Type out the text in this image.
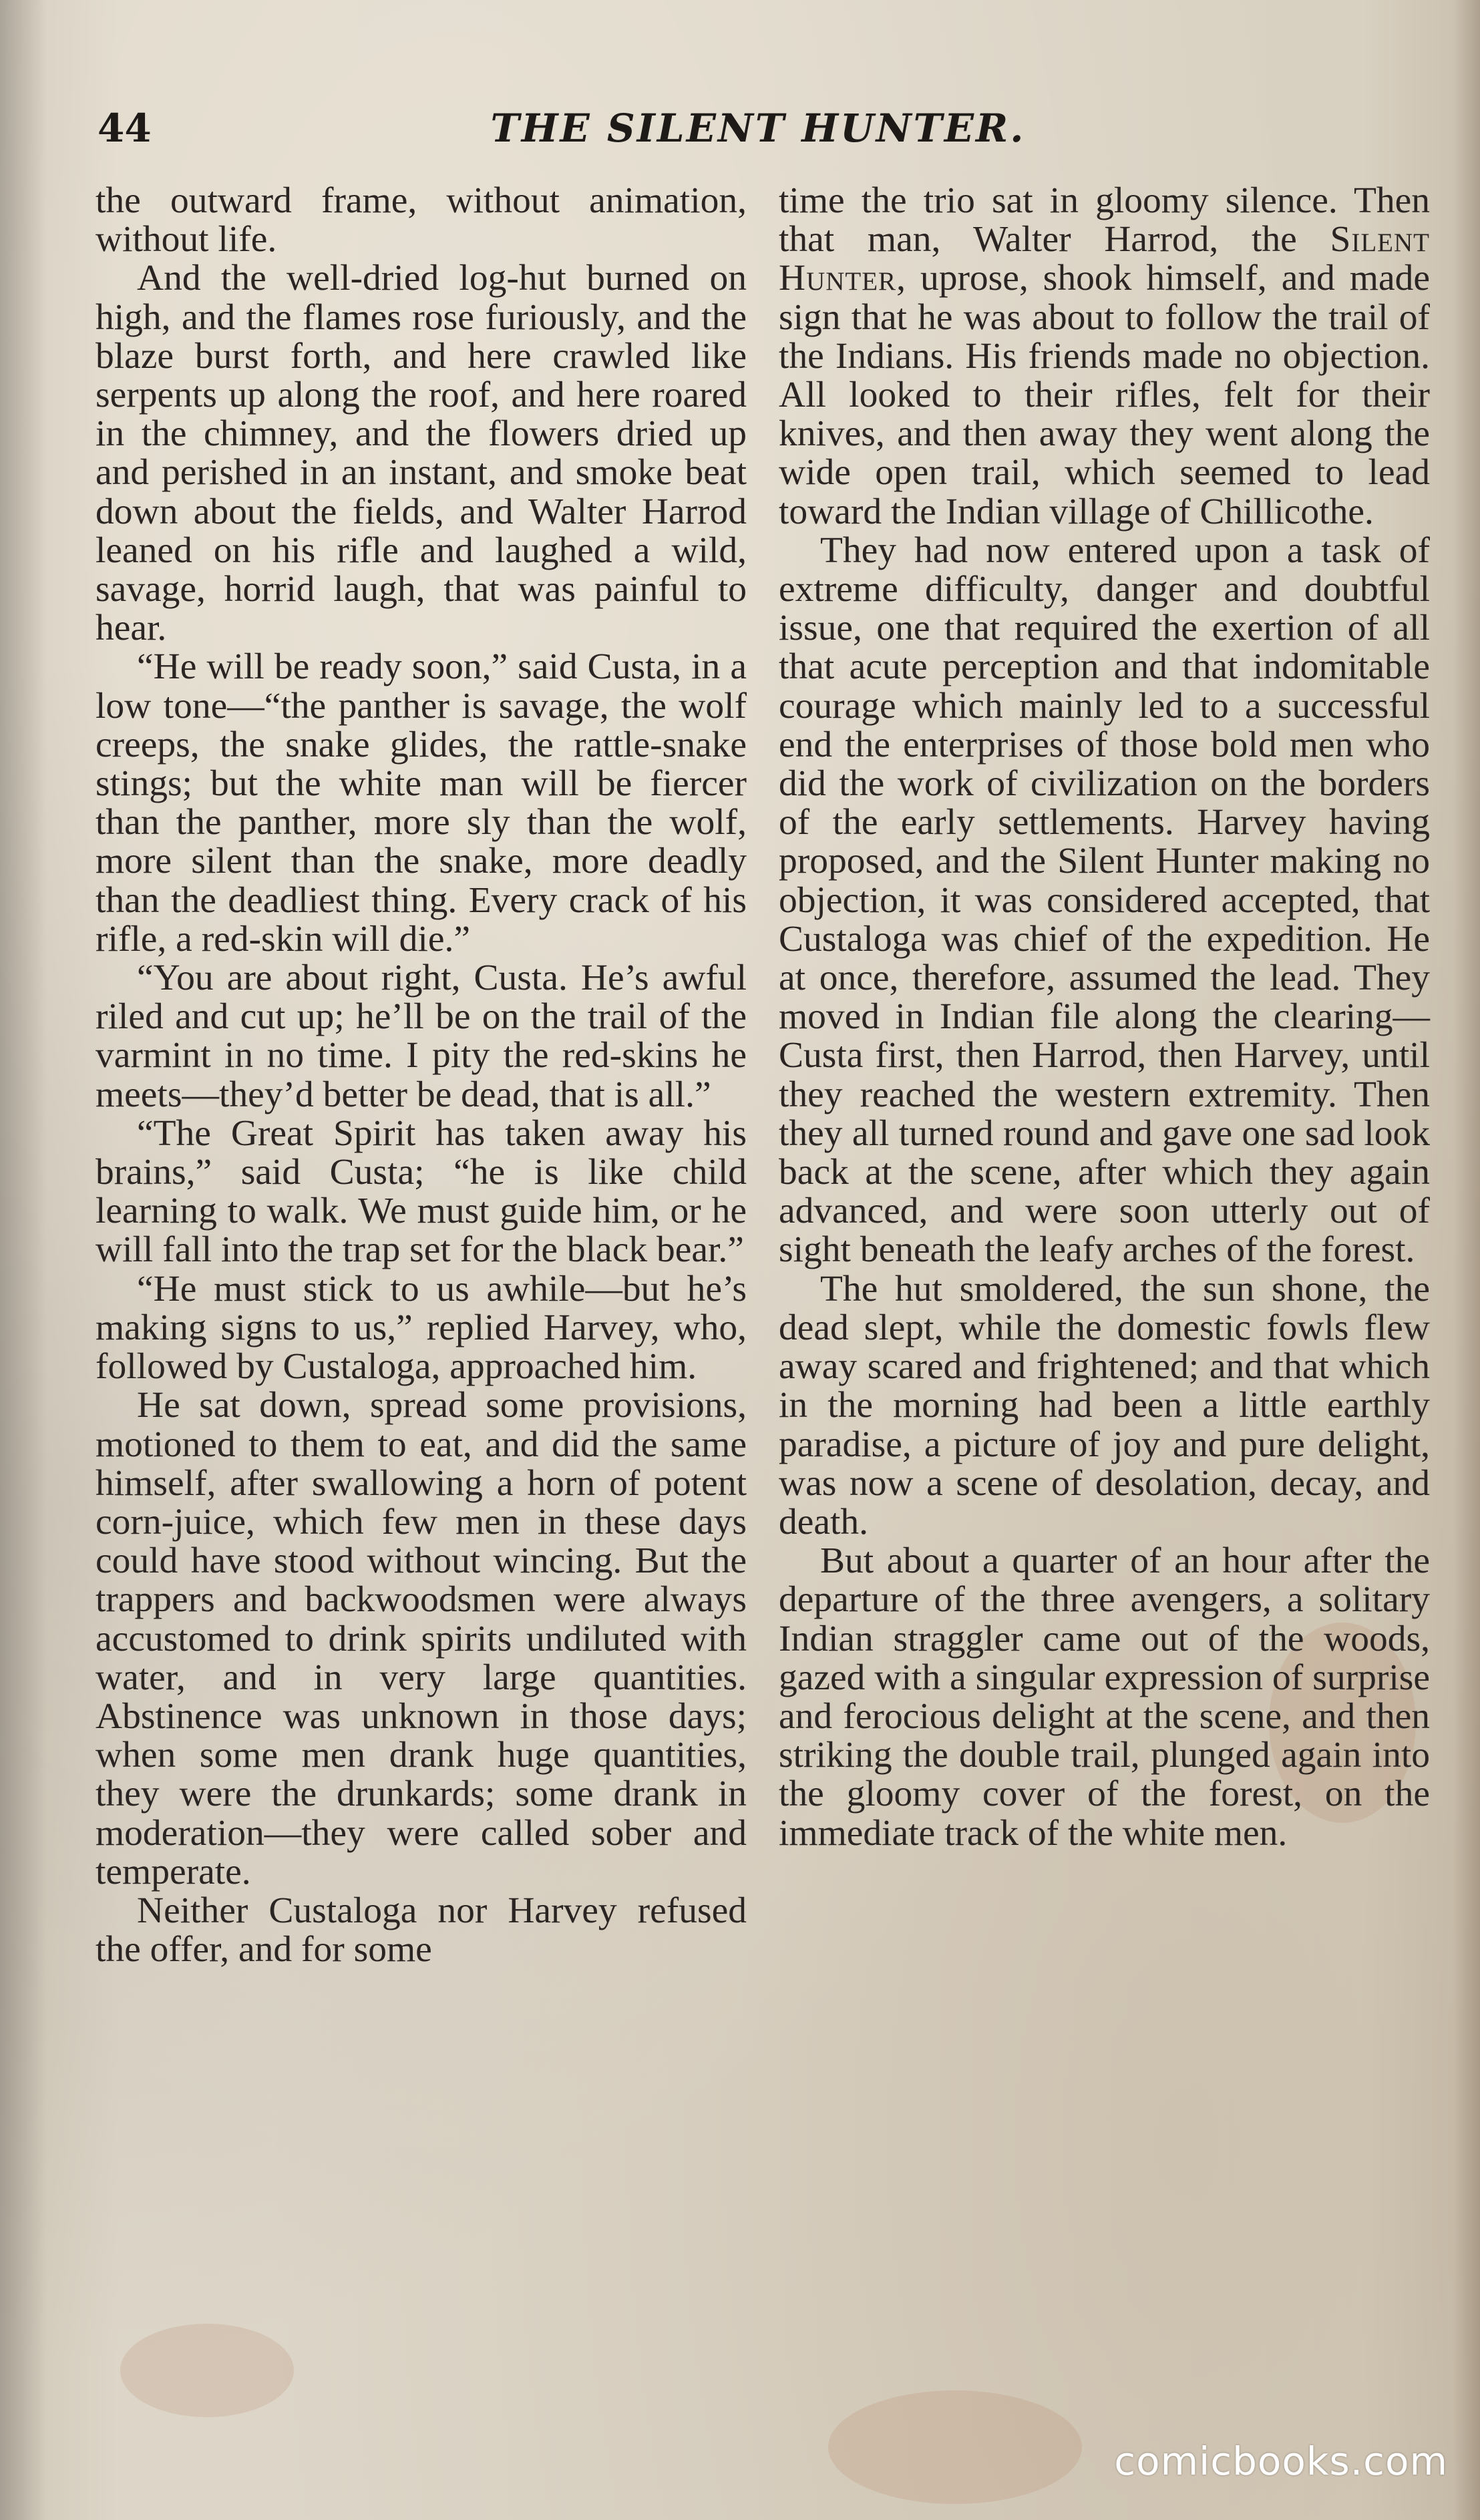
44	THE SILENT HUNTER.

the outward frame, without animation, without life.

And the well-dried log-hut burned on high, and the flames rose furiously, and the blaze burst forth, and here crawled like serpents up along the roof, and here roared in the chimney, and the flowers dried up and perished in an instant, and smoke beat down about the fields, and Walter Harrod leaned on his rifle and laughed a wild, savage, horrid laugh, that was painful to hear.

“He will be ready soon,” said Custa, in a low tone—“the panther is savage, the wolf creeps, the snake glides, the rattle-snake stings; but the white man will be fiercer than the panther, more sly than the wolf, more silent than the snake, more deadly than the deadliest thing. Every crack of his rifle, a red-skin will die.”

“You are about right, Custa. He’s awful riled and cut up; he’ll be on the trail of the varmint in no time. I pity the red-skins he meets—they’d better be dead, that is all.”

“The Great Spirit has taken away his brains,” said Custa; “he is like child learning to walk. We must guide him, or he will fall into the trap set for the black bear.”

“He must stick to us awhile—but he’s making signs to us,” replied Harvey, who, followed by Custaloga, approached him.

He sat down, spread some provisions, motioned to them to eat, and did the same himself, after swallowing a horn of potent corn-juice, which few men in these days could have stood without wincing. But the trappers and backwoodsmen were always accustomed to drink spirits undiluted with water, and in very large quantities. Abstinence was unknown in those days; when some men drank huge quantities, they were the drunkards; some drank in moderation—they were called sober and temperate.

Neither Custaloga nor Harvey refused the offer, and for some

time the trio sat in gloomy silence. Then that man, Walter Harrod, the Silent Hunter, uprose, shook himself, and made sign that he was about to follow the trail of the Indians. His friends made no objection. All looked to their rifles, felt for their knives, and then away they went along the wide open trail, which seemed to lead toward the Indian village of Chillicothe.

They had now entered upon a task of extreme difficulty, danger and doubtful issue, one that required the exertion of all that acute perception and that indomitable courage which mainly led to a successful end the enterprises of those bold men who did the work of civilization on the borders of the early settlements. Harvey having proposed, and the Silent Hunter making no objection, it was considered accepted, that Custaloga was chief of the expedition. He at once, therefore, assumed the lead. They moved in Indian file along the clearing—Custa first, then Harrod, then Harvey, until they reached the western extremity. Then they all turned round and gave one sad look back at the scene, after which they again advanced, and were soon utterly out of sight beneath the leafy arches of the forest.

The hut smoldered, the sun shone, the dead slept, while the domestic fowls flew away scared and frightened; and that which in the morning had been a little earthly paradise, a picture of joy and pure delight, was now a scene of desolation, decay, and death.

But about a quarter of an hour after the departure of the three avengers, a solitary Indian straggler came out of the woods, gazed with a singular expression of surprise and ferocious delight at the scene, and then striking the double trail, plunged again into the gloomy cover of the forest, on the immediate track of the white men.

comicbooks.com
